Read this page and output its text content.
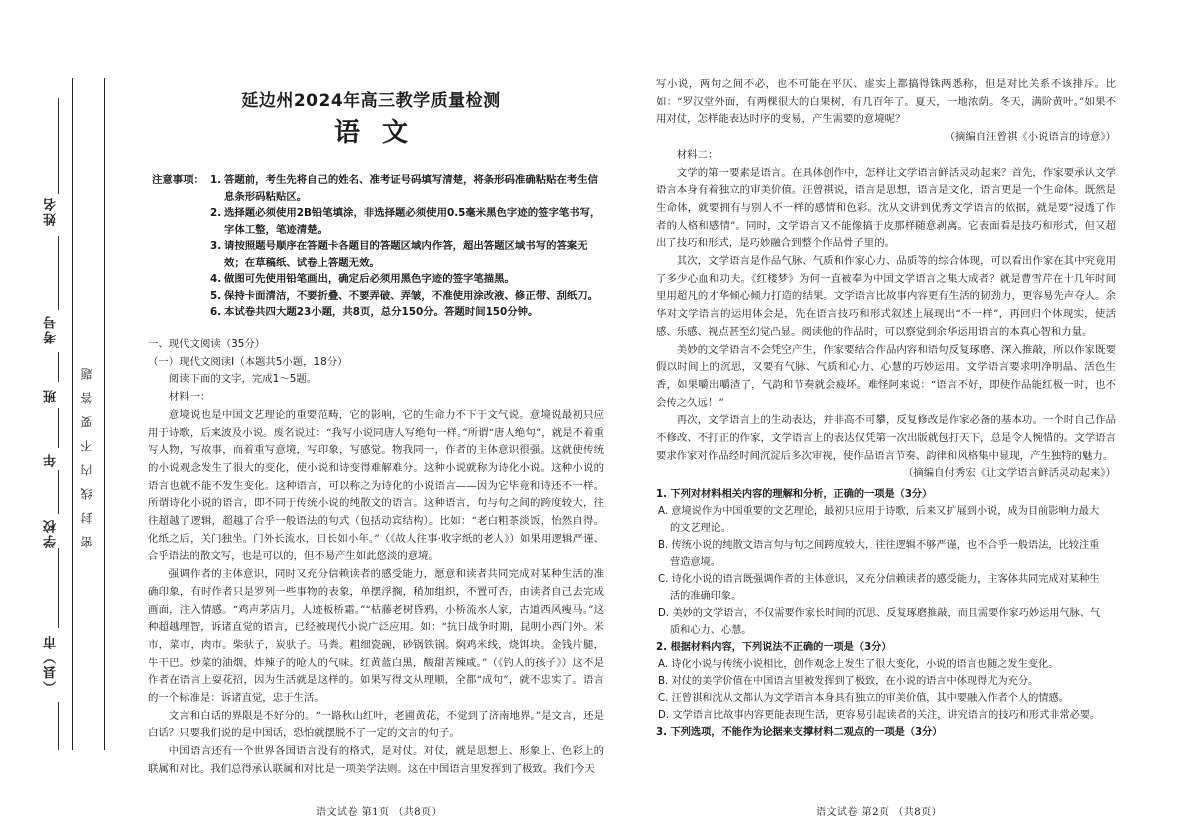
姓名
考号
班
年
学校
（县）市
密　封　线　内　不　要　答　题
延边州2024年高三教学质量检测
语文
注意事项： 1. 答题前，考生先将自己的姓名、准考证号码填写清楚，将条形码准确粘贴在考生信息条形码粘贴区。
2. 选择题必须使用2B铅笔填涂，非选择题必须使用0.5毫米黑色字迹的签字笔书写，字体工整，笔迹清楚。
3. 请按照题号顺序在答题卡各题目的答题区域内作答，超出答题区域书写的答案无效；在草稿纸、试卷上答题无效。
4. 做图可先使用铅笔画出，确定后必须用黑色字迹的签字笔描黑。
5. 保持卡面清洁，不要折叠、不要弄破、弄皱，不准使用涂改液、修正带、刮纸刀。
6. 本试卷共四大题23小题，共8页，总分150分。答题时间150分钟。
一、现代文阅读（35分）
（一）现代文阅读Ⅰ（本题共5小题，18分）
阅读下面的文字，完成1～5题。
材料一：

意境说也是中国文艺理论的重要范畴，它的影响，它的生命力不下于文气说。意境说最初只应用于诗歌，后来波及小说。废名说过：“我写小说同唐人写绝句一样。”所谓“唐人绝句”，就是不着重写人物，写故事，而着重写意境，写印象，写感觉。物我同一，作者的主体意识很强。这就使传统的小说观念发生了很大的变化，使小说和诗变得难解难分。这种小说就称为诗化小说。这种小说的语言也就不能不发生变化。这种语言，可以称之为诗化的小说语言——因为它毕竟和诗还不一样。所谓诗化小说的语言，即不同于传统小说的纯散文的语言。这种语言，句与句之间的跨度较大，往往超越了逻辑，超越了合乎一般语法的句式（包括动宾结构）。比如：“老白粗茶淡饭，怡然自得。化纸之后，关门独坐。门外长流水，日长如小年。”（《故人往事·收字纸的老人》）如果用逻辑严谨、合乎语法的散文写，也是可以的，但不易产生如此悠淡的意境。

强调作者的主体意识，同时又充分信赖读者的感受能力，愿意和读者共同完成对某种生活的准确印象，有时作者只是罗列一些事物的表象，单摆浮搁，稍加组织，不置可否，由读者自己去完成画面，注入情感。“鸡声茅店月，人迹板桥霜。”“枯藤老树昏鸦，小桥流水人家，古道西风瘦马。”这种超越理智，诉诸直觉的语言，已经被现代小说广泛应用。如：“抗日战争时期，昆明小西门外。米市，菜市，肉市。柴驮子，炭驮子。马粪。粗细瓷碗，砂锅铁锅。焖鸡米线，烧饵块。金钱片腿，牛干巴。炒菜的油烟，炸辣子的呛人的气味。红黄蓝白黑，酸甜苦辣咸。”（《钓人的孩子》）这不是作者在语言上耍花招，因为生活就是这样的。如果写得文从理顺，全都“成句”，就不忠实了。语言的一个标准是：诉诸直觉，忠于生活。

文言和白话的界限是不好分的。“一路秋山红叶，老圃黄花，不觉到了济南地界。”是文言，还是白话？只要我们说的是中国话，恐怕就摆脱不了一定的文言的句子。

中国语言还有一个世界各国语言没有的格式，是对仗。对仗，就是思想上、形象上、色彩上的联属和对比。我们总得承认联属和对比是一项美学法则。这在中国语言里发挥到了极致。我们今天

语文试卷 第1页 （共8页）

写小说，两句之间不必，也不可能在平仄、虚实上都搞得铢两悉称，但是对比关系不该排斥。比如：“罗汉堂外面，有两棵很大的白果树，有几百年了。夏天，一地浓荫。冬天，满阶黄叶。”如果不用对仗，怎样能表达时序的变易，产生需要的意境呢？

（摘编自汪曾祺《小说语言的诗意》）
材料二：

文学的第一要素是语言。在具体创作中，怎样让文学语言鲜活灵动起来？首先，作家要承认文学语言本身有着独立的审美价值。汪曾祺说，语言是思想，语言是文化，语言更是一个生命体。既然是生命体，就要拥有与别人不一样的感情和色彩。沈从文讲到优秀文学语言的依据，就是要“浸透了作者的人格和感情”。同时，文学语言又不能像搞于皮那样随意剥离。它表面看是技巧和形式，但又超出了技巧和形式，是巧妙融合到整个作品骨子里的。

其次，文学语言是作品气脉、气质和作家心力、品质等的综合体现，可以看出作家在其中究竟用了多少心血和功夫。《红楼梦》为何一直被奉为中国文学语言之集大成者？就是曹雪芹在十几年时间里用超凡的才华倾心倾力打造的结果。文学语言比故事内容更有生活的韧劲力，更容易先声夺人。余华对文学语言的运用体会是，先在语言技巧和形式叙述上展现出“不一样”，再回归个体现实，使活感、乐感、视点甚至幻觉凸显。阅读他的作品时，可以察觉到余华运用语言的本真心智和力量。

美妙的文学语言不会凭空产生，作家要结合作品内容和语句反复琢磨、深入推敲，所以作家既要假以时间上的沉思，又要有气脉、气质和心力、心慧的巧妙运用。文学语言要求明净明晶、活色生香，如果嚼出嚼渣了，气韵和节奏就会疲坏。难怪阿来说：“语言不好，即使作品能红极一时，也不会传之久远！”

再次，文学语言上的生动表达，并非高不可攀，反复修改是作家必备的基本功。一个时自己作品不修改、不打正的作家，文学语言上的表达仅凭第一次出版就包打天下，总是令人惋惜的。文学语言要求作家对作品经时间沉淀后多次审视，使作品语言节奏、韵律和风格集中显现，产生独特的魅力。

（摘编自付秀宏《让文学语言鲜活灵动起来》）
1. 下列对材料相关内容的理解和分析，正确的一项是（3分）
A. 意境说作为中国重要的文艺理论，最初只应用于诗歌，后来又扩展到小说，成为目前影响力最大
的文艺理论。
B. 传统小说的纯散文语言句与句之间跨度较大，往往逻辑不够严谨，也不合乎一般语法，比较注重
营造意境。
C. 诗化小说的语言既强调作者的主体意识，又充分信赖读者的感受能力，主客体共同完成对某种生
活的准确印象。
D. 美妙的文学语言，不仅需要作家长时间的沉思、反复琢磨推敲，而且需要作家巧妙运用气脉、气
质和心力、心慧。
2. 根据材料内容，下列说法不正确的一项是（3分）
A. 诗化小说与传统小说相比，创作观念上发生了很大变化，小说的语言也随之发生变化。
B. 对仗的美学价值在中国语言里被发挥到了极致，在小说的语言中体现得尤为充分。
C. 汪曾祺和沈从文都认为文学语言本身具有独立的审美价值，其中要融入作者个人的情感。
D. 文学语言比故事内容更能表现生活，更容易引起读者的关注，讲究语言的技巧和形式非常必要。
3. 下列选项，不能作为论据来支撑材料二观点的一项是（3分）
语文试卷 第2页 （共8页）
